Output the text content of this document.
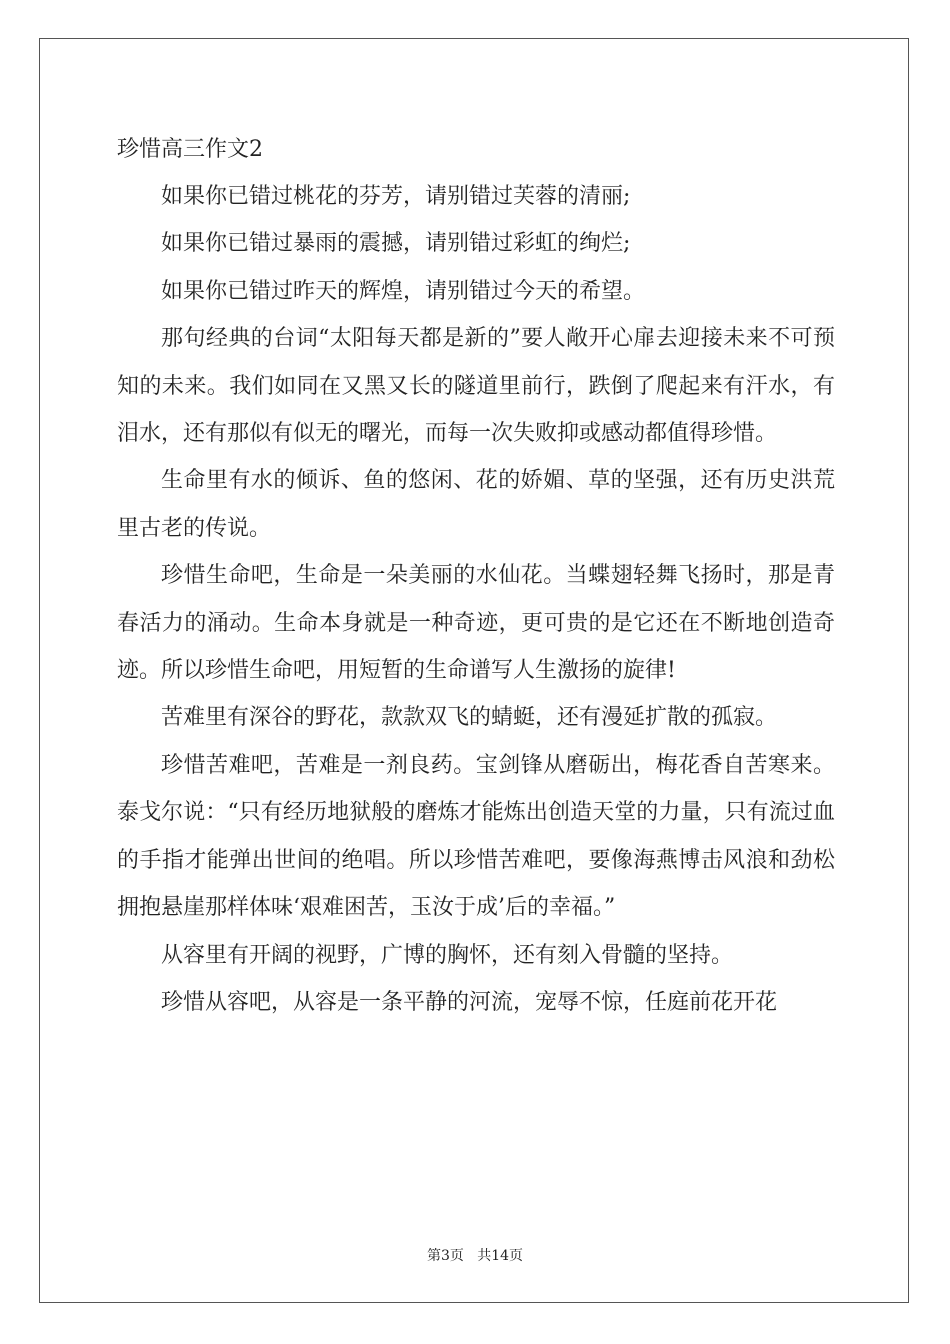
珍惜高三作文2

如果你已错过桃花的芬芳，请别错过芙蓉的清丽;

如果你已错过暴雨的震撼，请别错过彩虹的绚烂;

如果你已错过昨天的辉煌，请别错过今天的希望。

那句经典的台词“太阳每天都是新的”要人敞开心扉去迎接未来不可预知的未来。我们如同在又黑又长的隧道里前行，跌倒了爬起来有汗水，有泪水，还有那似有似无的曙光，而每一次失败抑或感动都值得珍惜。

生命里有水的倾诉、鱼的悠闲、花的娇媚、草的坚强，还有历史洪荒里古老的传说。

珍惜生命吧，生命是一朵美丽的水仙花。当蝶翅轻舞飞扬时，那是青春活力的涌动。生命本身就是一种奇迹，更可贵的是它还在不断地创造奇迹。所以珍惜生命吧，用短暂的生命谱写人生激扬的旋律!

苦难里有深谷的野花，款款双飞的蜻蜓，还有漫延扩散的孤寂。

珍惜苦难吧，苦难是一剂良药。宝剑锋从磨砺出，梅花香自苦寒来。泰戈尔说：“只有经历地狱般的磨炼才能炼出创造天堂的力量，只有流过血的手指才能弹出世间的绝唱。所以珍惜苦难吧，要像海燕博击风浪和劲松拥抱悬崖那样体味‘艰难困苦，玉汝于成’后的幸福。”

从容里有开阔的视野，广博的胸怀，还有刻入骨髓的坚持。

珍惜从容吧，从容是一条平静的河流，宠辱不惊，任庭前花开花

第3页   共14页
